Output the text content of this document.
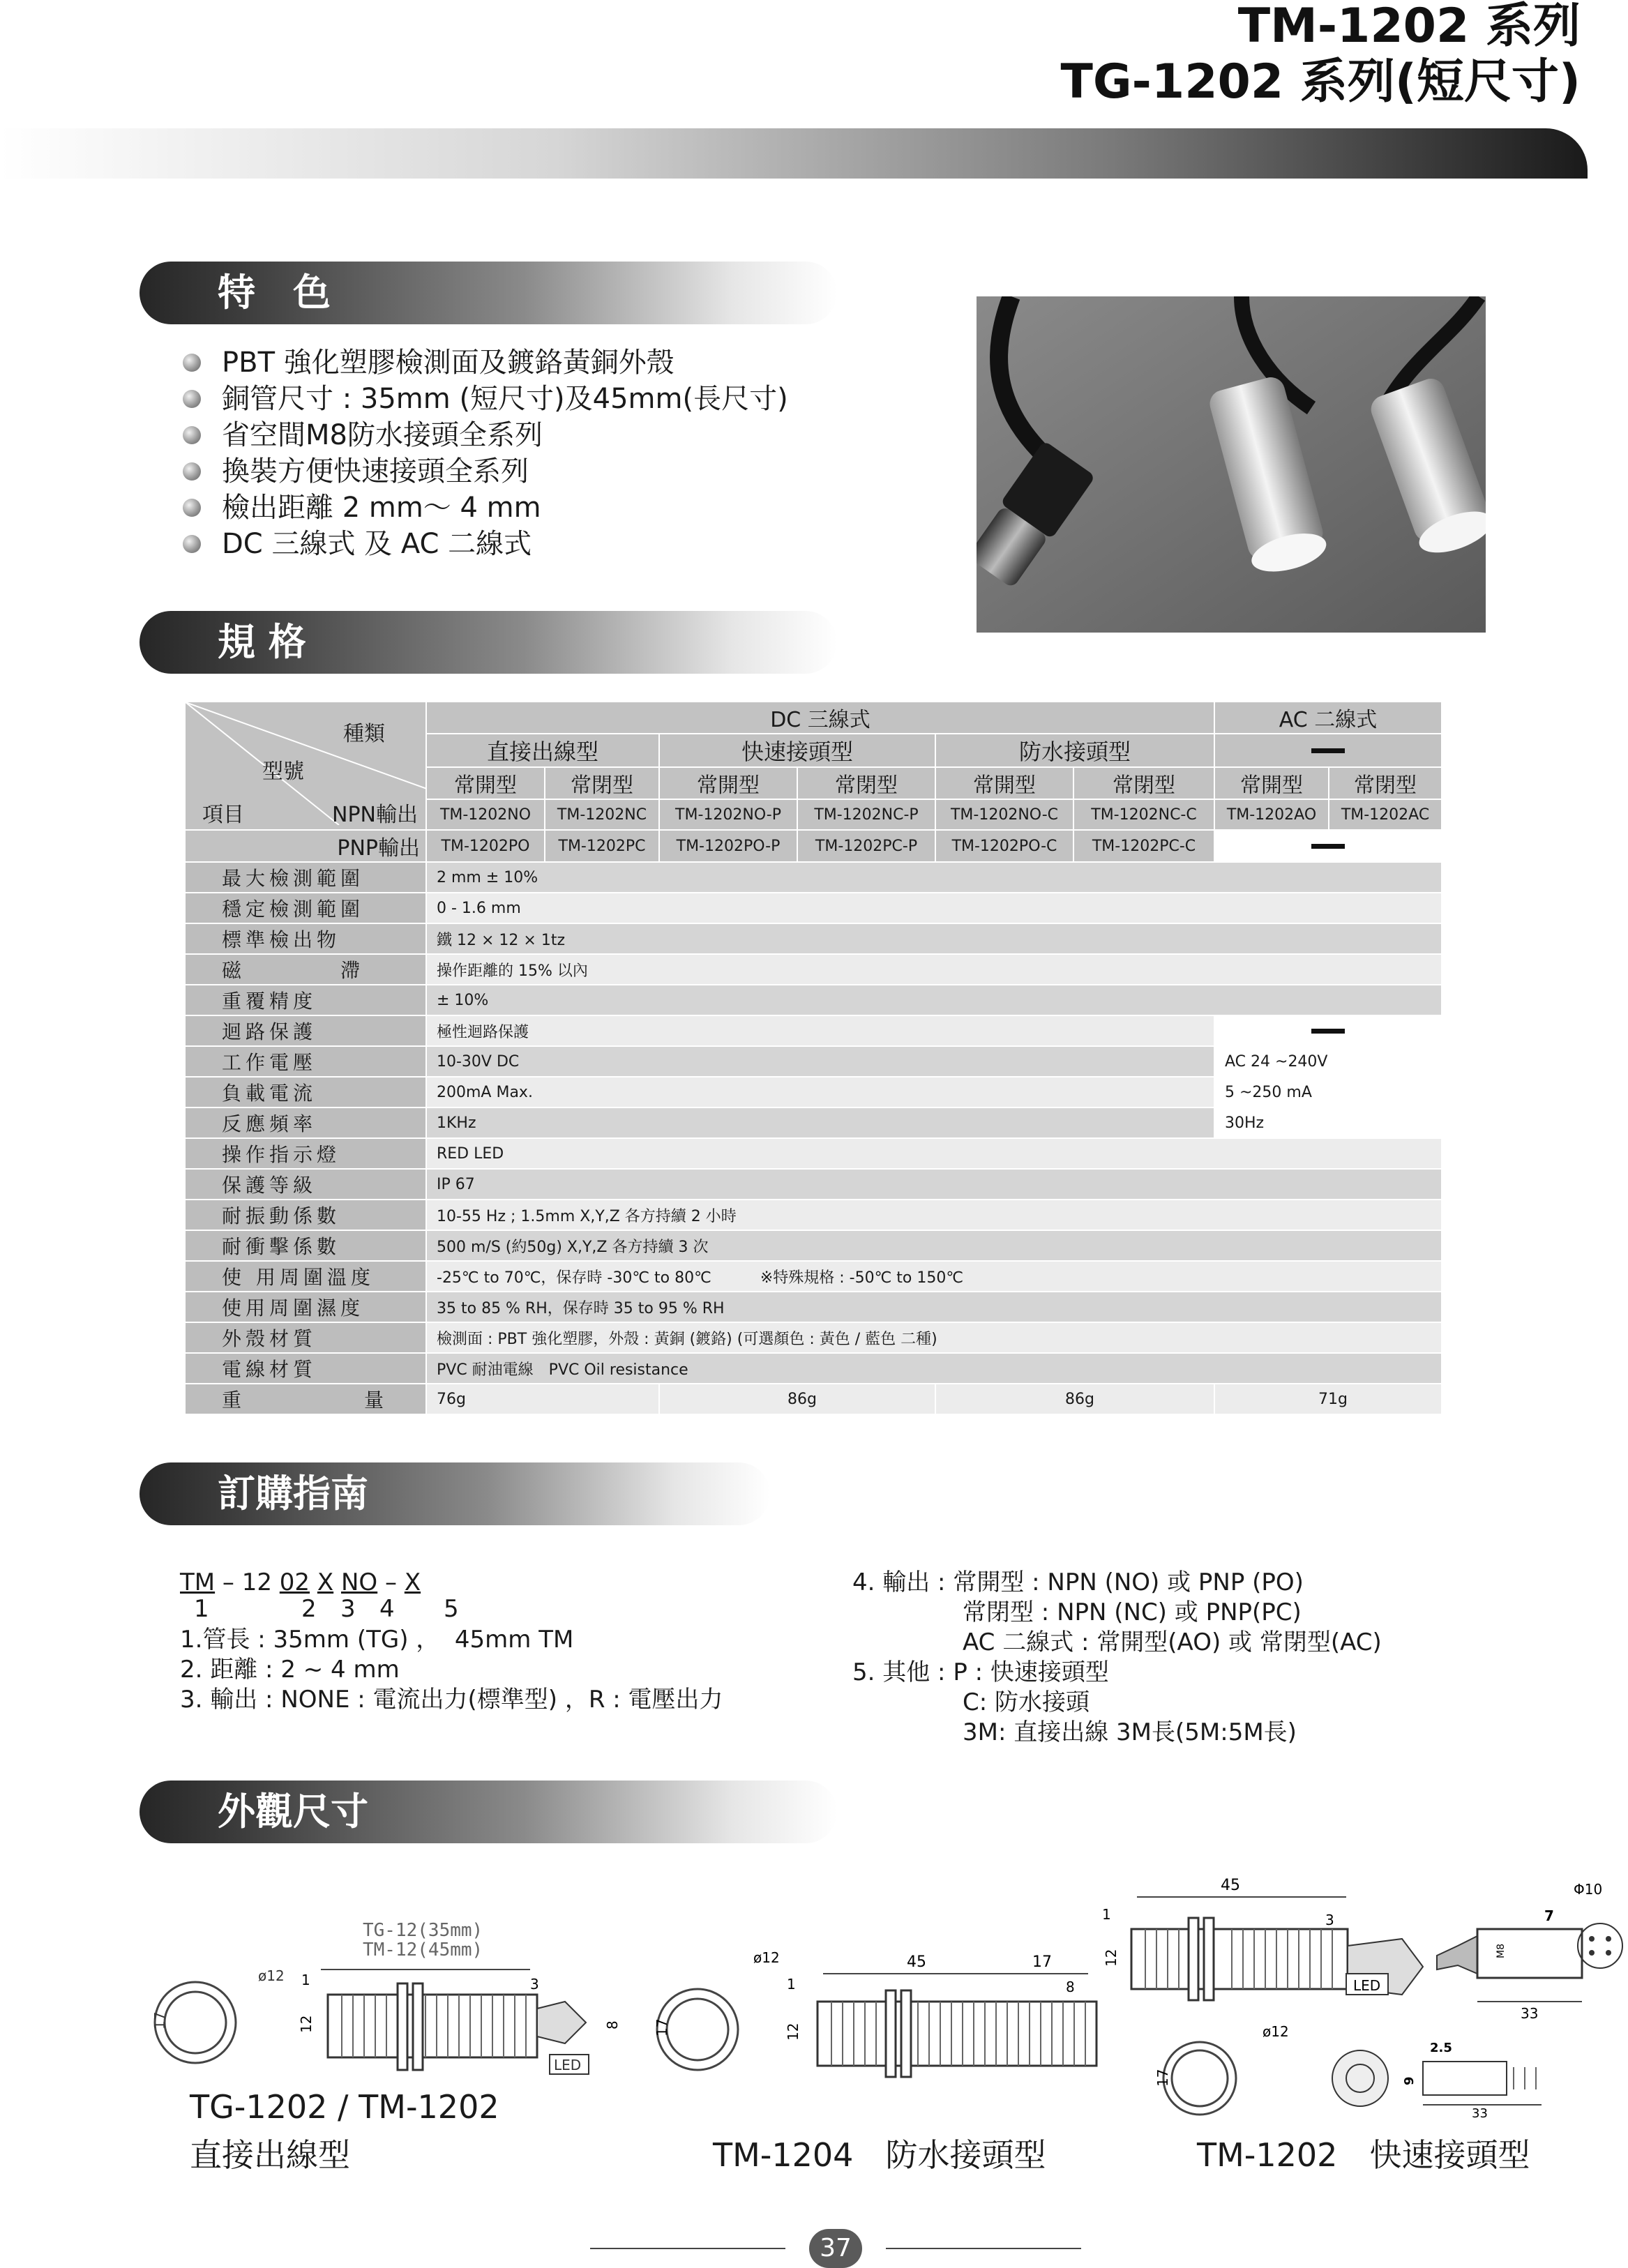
TM-1202 系列
TG-1202 系列(短尺寸)
特　色
PBT 強化塑膠檢測面及鍍鉻黃銅外殼
銅管尺寸 : 35mm (短尺寸)及45mm(長尺寸)
省空間M8防水接頭全系列
換裝方便快速接頭全系列
檢出距離 2 mm～ 4 mm
DC 三線式 及 AC 二線式
規 格
種類
型號
項目 NPN輸出	DC 三線式						AC 二線式	
	直接出線型		快速接頭型		防水接頭型			
	常開型	常閉型	常開型	常閉型	常開型	常閉型	常開型	常閉型
	TM-1202NO	TM-1202NC	TM-1202NO-P	TM-1202NC-P	TM-1202NO-C	TM-1202NC-C	TM-1202AO	TM-1202AC
PNP輸出	TM-1202PO	TM-1202PC	TM-1202PO-P	TM-1202PC-P	TM-1202PO-C	TM-1202PC-C		
最大檢測範圍	2 mm ± 10%							
穩定檢測範圍	0 - 1.6 mm							
標準檢出物	鐵 12 × 12 × 1tz							
磁　　　　滯	操作距離的 15% 以內							
重覆精度	± 10%							
迴路保護	極性迴路保護							
工作電壓	10-30V DC						AC 24 ~240V	
負載電流	200mA Max.						5 ~250 mA	
反應頻率	1KHz						30Hz	
操作指示燈	RED LED							
保護等級	IP 67							
耐振動係數	10-55 Hz ; 1.5mm X,Y,Z 各方持續 2 小時							
耐衝擊係數	500 m/S (約50g) X,Y,Z 各方持續 3 次							
使 用周圍溫度	-25℃ to 70℃，保存時 -30℃ to 80℃ ※特殊規格 : -50℃ to 150℃							
使用周圍濕度	35 to 85 % RH，保存時 35 to 95 % RH							
外殼材質	檢測面 : PBT 強化塑膠，外殼 : 黃銅 (鍍鉻) (可選顏色 : 黃色 / 藍色 二種)							
電線材質	PVC 耐油電線　PVC Oil resistance							
重　　　　　量	76g		86g		86g		71g	
訂購指南
TM – 12 02 X NO – X
1	2 3 4 5
1.管長 : 35mm (TG) ，  45mm TM
2. 距離 : 2 ~ 4 mm
3. 輸出 : NONE : 電流出力(標準型) ，R : 電壓出力
4. 輸出 : 常開型 : NPN (NO) 或 PNP (PO)
常閉型 : NPN (NC) 或 PNP(PC)
AC 二線式 : 常開型(AO) 或 常閉型(AC)
5. 其他 : P : 快速接頭型
C: 防水接頭
3M: 直接出線 3M長(5M:5M長)
外觀尺寸
TG-12(35mm)
TM-12(45mm)
ø12
17
1	3
12	8
LED
TG-1202 / TM-1202
直接出線型
ø12
17
45	17
1	8
12
TM-1204　防水接頭型
45
1	3
12
LED
33
7
Φ10
M8
ø12
17
2.5
9
33
TM-1202　快速接頭型
37
